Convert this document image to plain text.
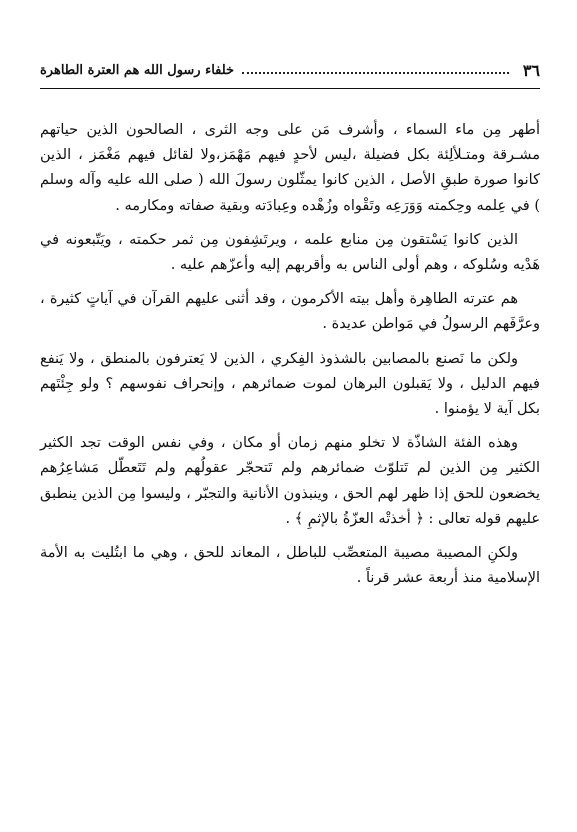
٣٦
خلفاء رسول الله هم العترة الطاهرة

أطهر مِن ماء السماء ، وأشرف مَن على وجه الثرى ، الصالحون الذين حياتهم مشـرقة ومتـلألِئة بكل فضيلة ،ليس لأحدٍ فيهم مَهْمَز،ولا لقائل فيهم مَغْمَز ، الذين كانوا صورة طبقِ الأصل ، الذين كانوا يمثّلون رسولَ الله ( صلى الله عليه وآله وسلم ) في عِلمه وحِكمته وَوَرَعِه وتَقْواه وزُهْده وعِبادَته وبقية صفاته ومكارمه .

الذين كانوا يَسْتقون مِن منابع علمه ، ويرتَشِفون مِن ثمر حكمته ، ويَتّبعونه في هَدْيه وسُلوكه ، وهم أولى الناس به وأقربهم إليه وأعزّهم عليه .

هم عترته الطاهِرة وأهل بيته الأكرمون ، وقد أثنى عليهم القرآن في آياتٍ كثيرة ، وعرَّفَهم الرسولُ في مَواطن عديدة .

ولكن ما نَصنع بالمصابين بالشذوذ الفِكري ، الذين لا يَعترفون بالمنطق ، ولا يَنفع فيهم الدليل ، ولا يَقبلون البرهان لموت ضمائرهم ، وإنحراف نفوسهم ؟ ولو جِئْتَهم بكل آية لا يؤمنوا .

وهذه الفئة الشاذّة لا تخلو منهم زمان أو مكان ، وفي نفس الوقت تجد الكثير الكثير مِن الذين لم تَتلوّث ضمائرهم ولم تَتحجّر عقولُهم ولم تَتَعطّل مَشاعِرُهم يخضعون للحق إذا ظهر لهم الحق ، وينبذون الأنانية والتجبّر ، وليسوا مِن الذين ينطبق عليهم قوله تعالى : ﴿ أخذتْه العزّةُ بالإثمِ ﴾ .

ولكنِ المصيبة مصيبة المتعصِّب للباطل ، المعاند للحق ، وهي ما ابتُليت به الأمة الإسلامية منذ أربعة عشر قرناً .
